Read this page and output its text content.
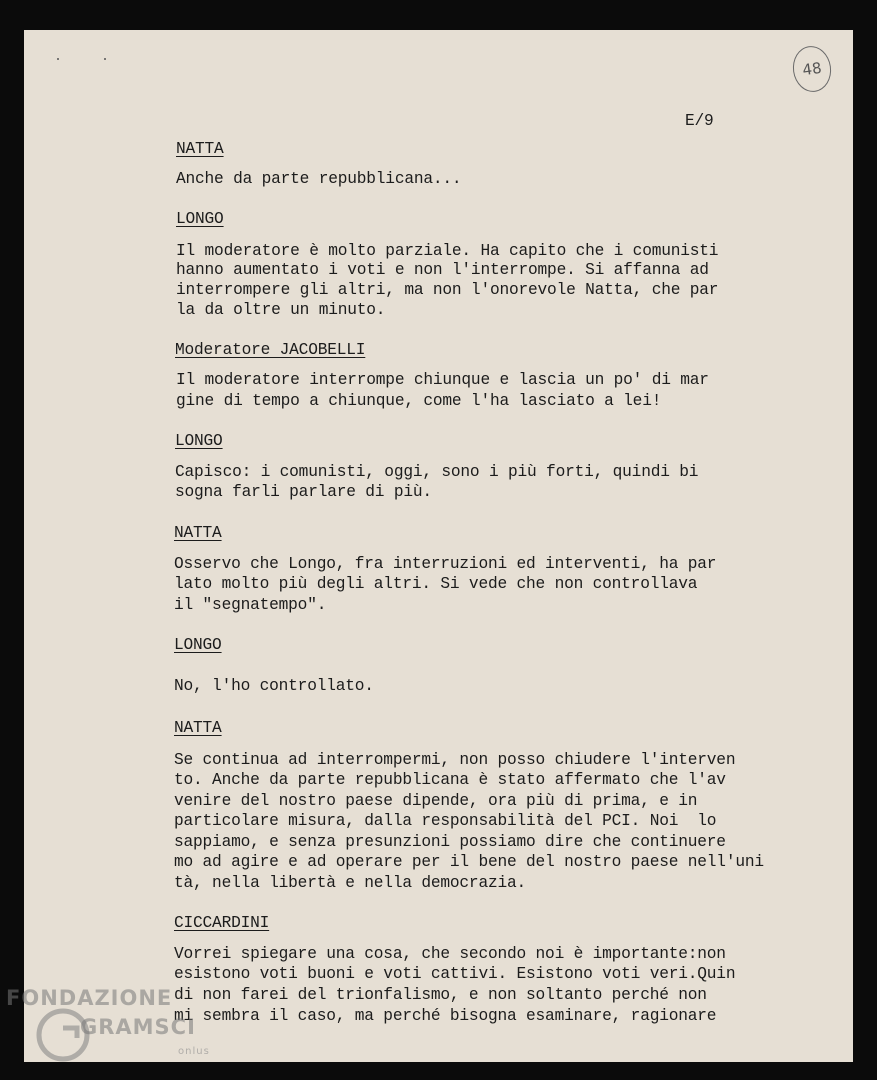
48
E/9
NATTA
Anche da parte repubblicana...
LONGO
Il moderatore è molto parziale. Ha capito che i comunisti
hanno aumentato i voti e non l'interrompe. Si affanna ad
interrompere gli altri, ma non l'onorevole Natta, che par
la da oltre un minuto.
Moderatore JACOBELLI
Il moderatore interrompe chiunque e lascia un po' di mar
gine di tempo a chiunque, come l'ha lasciato a lei!
LONGO
Capisco: i comunisti, oggi, sono i più forti, quindi bi
sogna farli parlare di più.
NATTA
Osservo che Longo, fra interruzioni ed interventi, ha par
lato molto più degli altri. Si vede che non controllava
il "segnatempo".
LONGO
No, l'ho controllato.
NATTA
Se continua ad interrompermi, non posso chiudere l'interven
to. Anche da parte repubblicana è stato affermato che l'av
venire del nostro paese dipende, ora più di prima, e in
particolare misura, dalla responsabilità del PCI. Noi  lo
sappiamo, e senza presunzioni possiamo dire che continuere
mo ad agire e ad operare per il bene del nostro paese nell'uni
tà, nella libertà e nella democrazia.
CICCARDINI
Vorrei spiegare una cosa, che secondo noi è importante:non
esistono voti buoni e voti cattivi. Esistono voti veri.Quin
di non farei del trionfalismo, e non soltanto perché non
mi sembra il caso, ma perché bisogna esaminare, ragionare
FONDAZIONE
GRAMSCI
onlus
